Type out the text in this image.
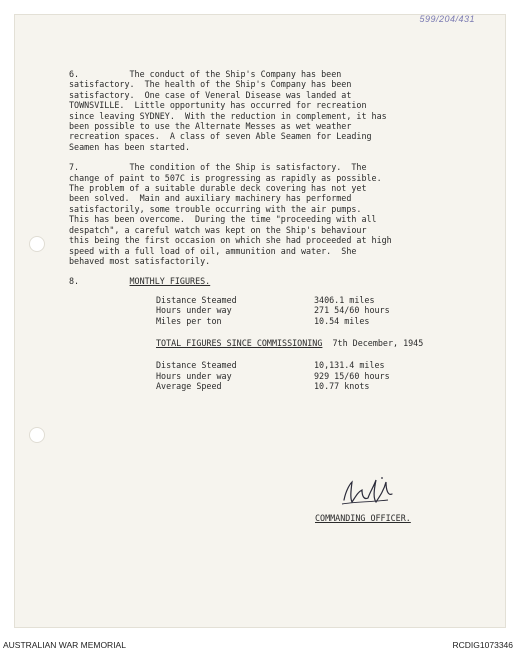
599/204/431

6.	The conduct of the Ship's Company has been

satisfactory.  The health of the Ship's Company has been

satisfactory.  One case of Veneral Disease was landed at

TOWNSVILLE.  Little opportunity has occurred for recreation

since leaving SYDNEY.  With the reduction in complement, it has

been possible to use the Alternate Messes as wet weather

recreation spaces.  A class of seven Able Seamen for Leading

Seamen has been started.

7.	The condition of the Ship is satisfactory.  The

change of paint to 507C is progressing as rapidly as possible.

The problem of a suitable durable deck covering has not yet

been solved.  Main and auxiliary machinery has performed

satisfactorily, some trouble occurring with the air pumps.

This has been overcome.  During the time "proceeding with all

despatch", a careful watch was kept on the Ship's behaviour

this being the first occasion on which she had proceeded at high

speed with a full load of oil, ammunition and water.  She

behaved most satisfactorily.

8.	MONTHLY FIGURES.

Distance Steamed	3406.1 miles
Hours under way	271 54/60 hours
Miles per ton	10.54 miles
TOTAL FIGURES SINCE COMMISSIONING 7th December, 1945
Distance Steamed	10,131.4 miles
Hours under way	929 15/60 hours
Average Speed	10.77 knots
COMMANDING OFFICER.
AUSTRALIAN WAR MEMORIAL	RCDIG1073346
